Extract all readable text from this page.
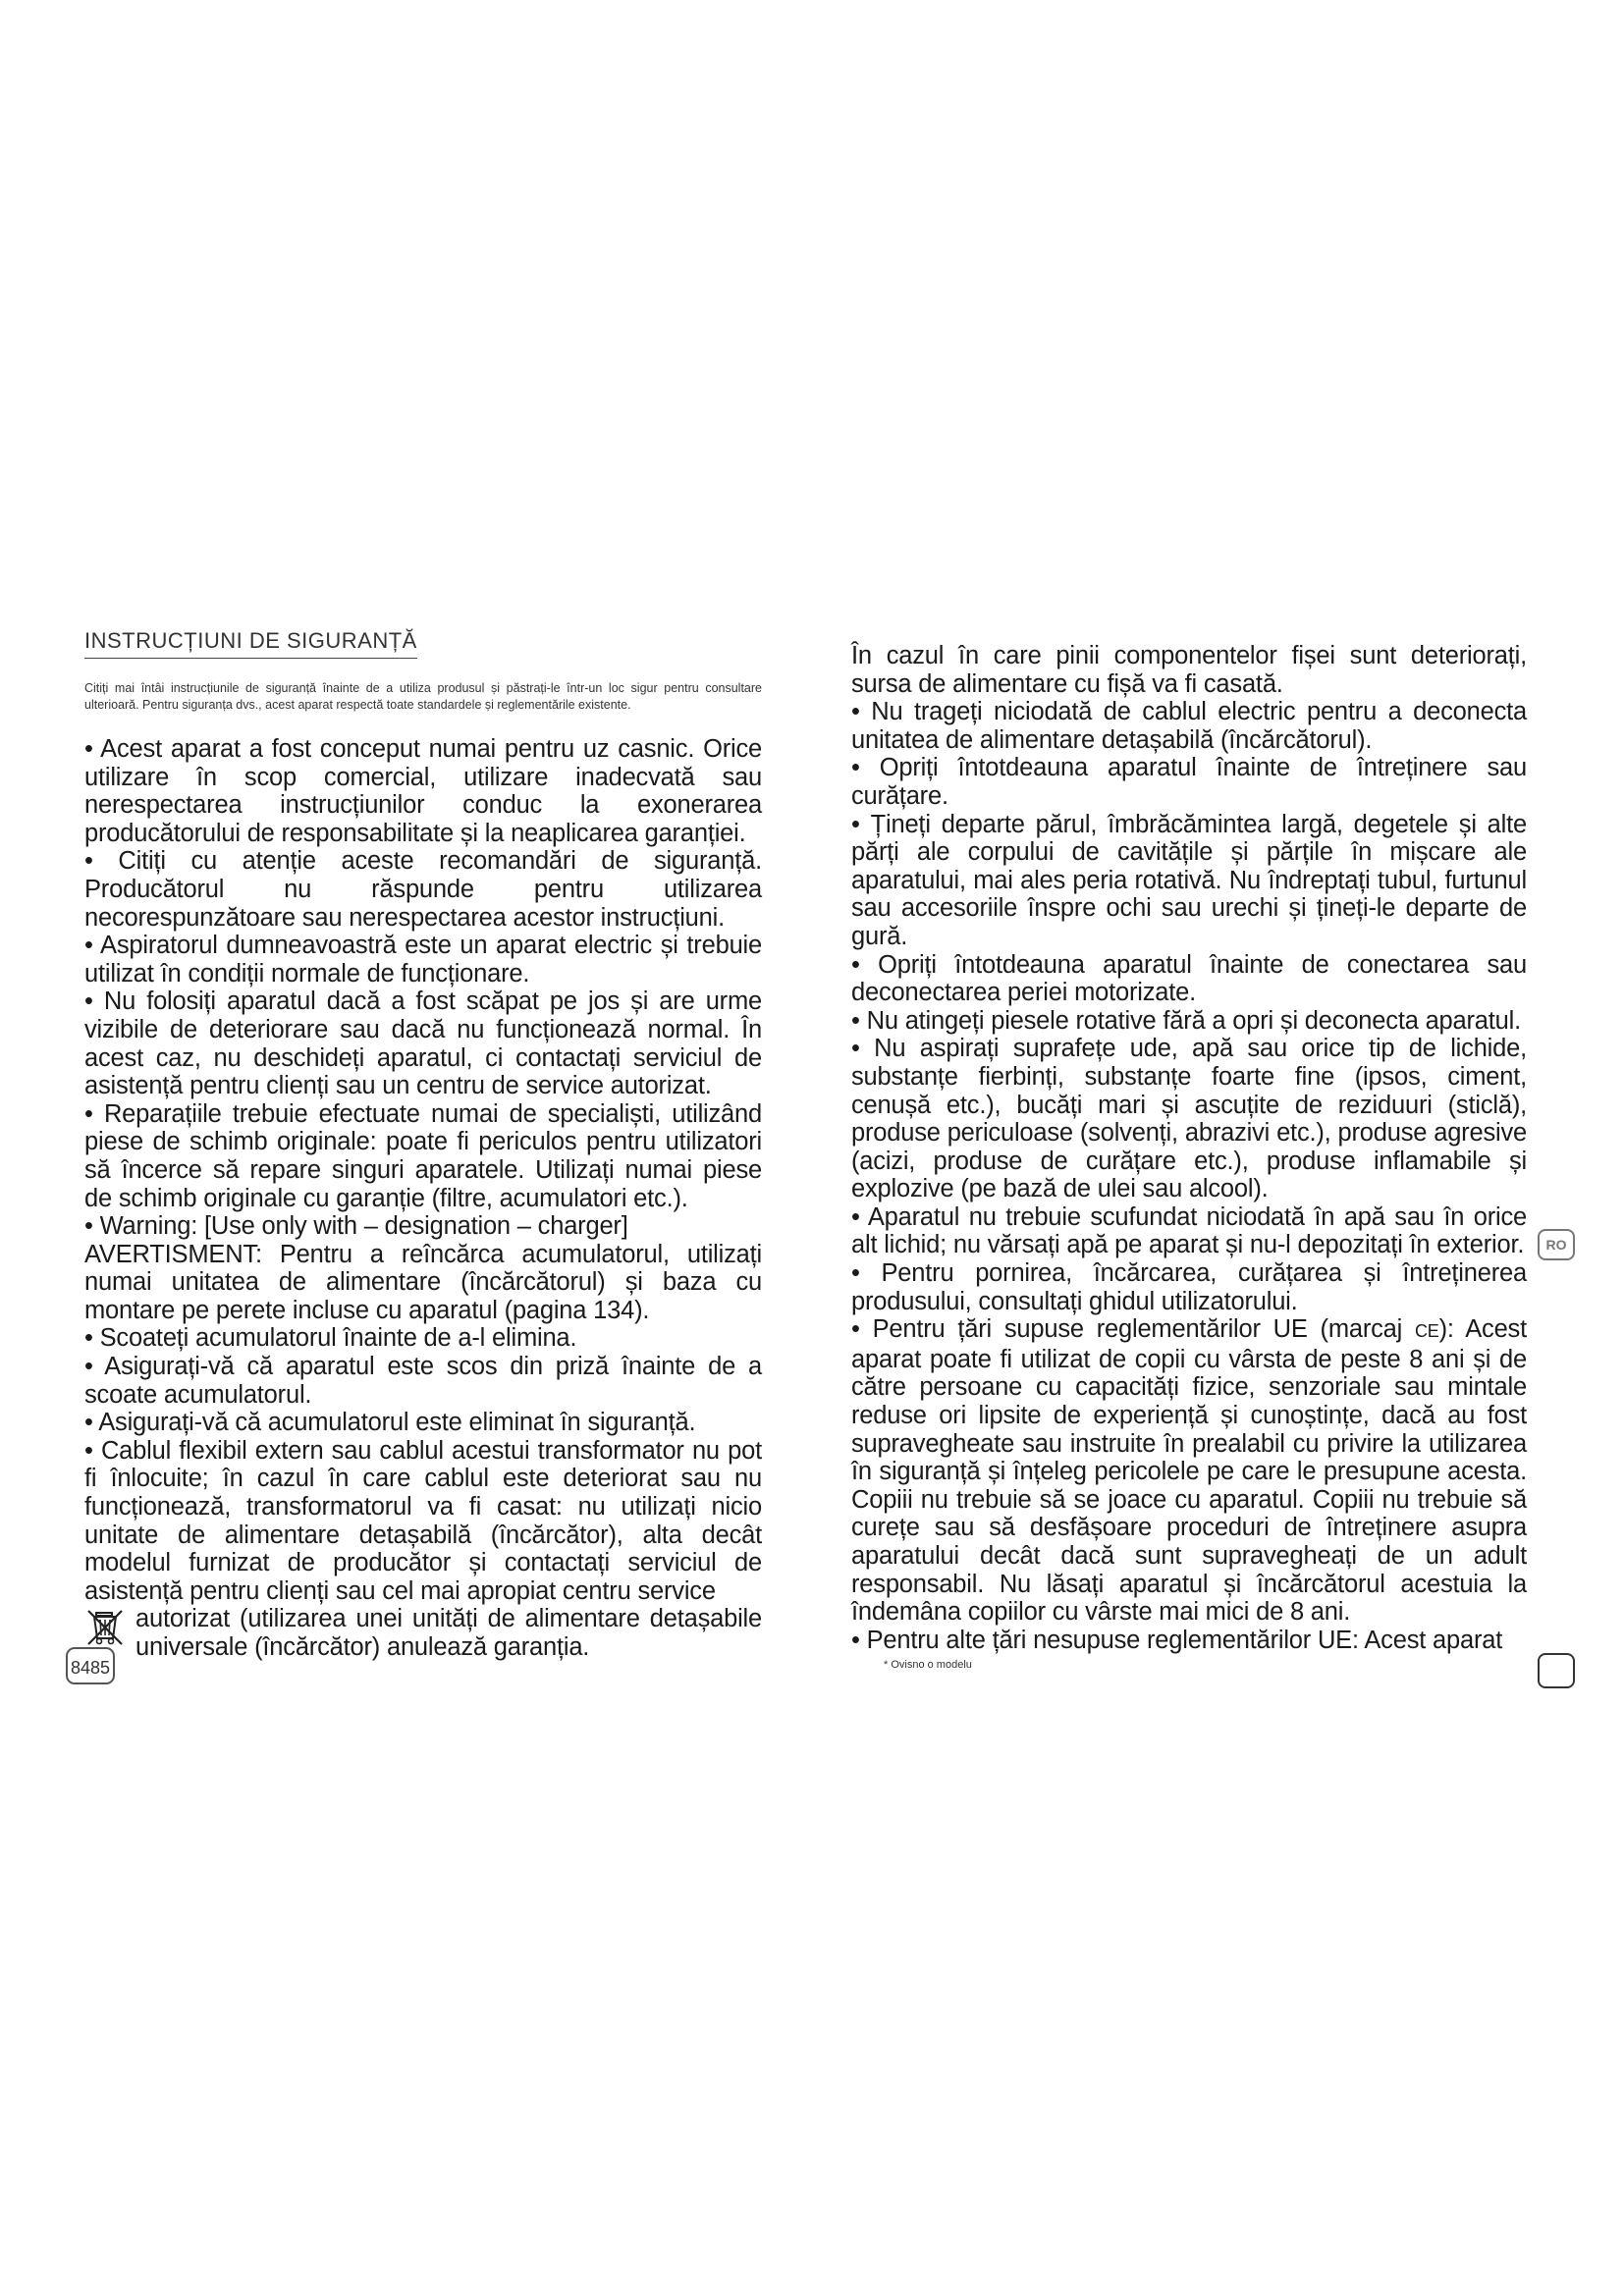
INSTRUCȚIUNI DE SIGURANȚĂ

Citiți mai întâi instrucțiunile de siguranță înainte de a utiliza produsul și păstrați-le într-un loc sigur pentru consultare ulterioară. Pentru siguranța dvs., acest aparat respectă toate standardele și reglementările existente.

• Acest aparat a fost conceput numai pentru uz casnic. Orice utilizare în scop comercial, utilizare inadecvată sau nerespectarea instrucțiunilor conduc la exonerarea producătorului de responsabilitate și la neaplicarea garanției.

• Citiți cu atenție aceste recomandări de siguranță. Producătorul nu răspunde pentru utilizarea necorespunzătoare sau nerespectarea acestor instrucțiuni.

• Aspiratorul dumneavoastră este un aparat electric și trebuie utilizat în condiții normale de funcționare.

• Nu folosiți aparatul dacă a fost scăpat pe jos și are urme vizibile de deteriorare sau dacă nu funcționează normal. În acest caz, nu deschideți aparatul, ci contactați serviciul de asistență pentru clienți sau un centru de service autorizat.

• Reparațiile trebuie efectuate numai de specialiști, utilizând piese de schimb originale: poate fi periculos pentru utilizatori să încerce să repare singuri aparatele. Utilizați numai piese de schimb originale cu garanție (filtre, acumulatori etc.).

• Warning: [Use only with – designation – charger]

AVERTISMENT: Pentru a reîncărca acumulatorul, utilizați numai unitatea de alimentare (încărcătorul) și baza cu montare pe perete incluse cu aparatul (pagina 134).

• Scoateți acumulatorul înainte de a-l elimina.

• Asigurați-vă că aparatul este scos din priză înainte de a scoate acumulatorul.

• Asigurați-vă că acumulatorul este eliminat în siguranță.

• Cablul flexibil extern sau cablul acestui transformator nu pot fi înlocuite; în cazul în care cablul este deteriorat sau nu funcționează, transformatorul va fi casat: nu utilizați nicio unitate de alimentare detașabilă (încărcător), alta decât modelul furnizat de producător și contactați serviciul de asistență pentru clienți sau cel mai apropiat centru service

autorizat (utilizarea unei unități de alimentare detașabile universale (încărcător) anulează garanția.
8485

În cazul în care pinii componentelor fișei sunt deteriorați, sursa de alimentare cu fișă va fi casată.

• Nu trageți niciodată de cablul electric pentru a deconecta unitatea de alimentare detașabilă (încărcătorul).

• Opriți întotdeauna aparatul înainte de întreținere sau curățare.

• Țineți departe părul, îmbrăcămintea largă, degetele și alte părți ale corpului de cavitățile și părțile în mișcare ale aparatului, mai ales peria rotativă. Nu îndreptați tubul, furtunul sau accesoriile înspre ochi sau urechi și țineți-le departe de gură.

• Opriți întotdeauna aparatul înainte de conectarea sau deconectarea periei motorizate.

• Nu atingeți piesele rotative fără a opri și deconecta aparatul.

• Nu aspirați suprafețe ude, apă sau orice tip de lichide, substanțe fierbinți, substanțe foarte fine (ipsos, ciment, cenușă etc.), bucăți mari și ascuțite de reziduuri (sticlă), produse periculoase (solvenți, abrazivi etc.), produse agresive (acizi, produse de curățare etc.), produse inflamabile și explozive (pe bază de ulei sau alcool).

• Aparatul nu trebuie scufundat niciodată în apă sau în orice alt lichid; nu vărsați apă pe aparat și nu-l depozitați în exterior.

• Pentru pornirea, încărcarea, curățarea și întreținerea produsului, consultați ghidul utilizatorului.

• Pentru țări supuse reglementărilor UE (marcaj CE): Acest aparat poate fi utilizat de copii cu vârsta de peste 8 ani și de către persoane cu capacități fizice, senzoriale sau mintale reduse ori lipsite de experiență și cunoștințe, dacă au fost supravegheate sau instruite în prealabil cu privire la utilizarea în siguranță și înțeleg pericolele pe care le presupune acesta. Copiii nu trebuie să se joace cu aparatul. Copiii nu trebuie să curețe sau să desfășoare proceduri de întreținere asupra aparatului decât dacă sunt supravegheați de un adult responsabil. Nu lăsați aparatul și încărcătorul acestuia la îndemâna copiilor cu vârste mai mici de 8 ani.

• Pentru alte țări nesupuse reglementărilor UE: Acest aparat

RO
* Ovisno o modelu
